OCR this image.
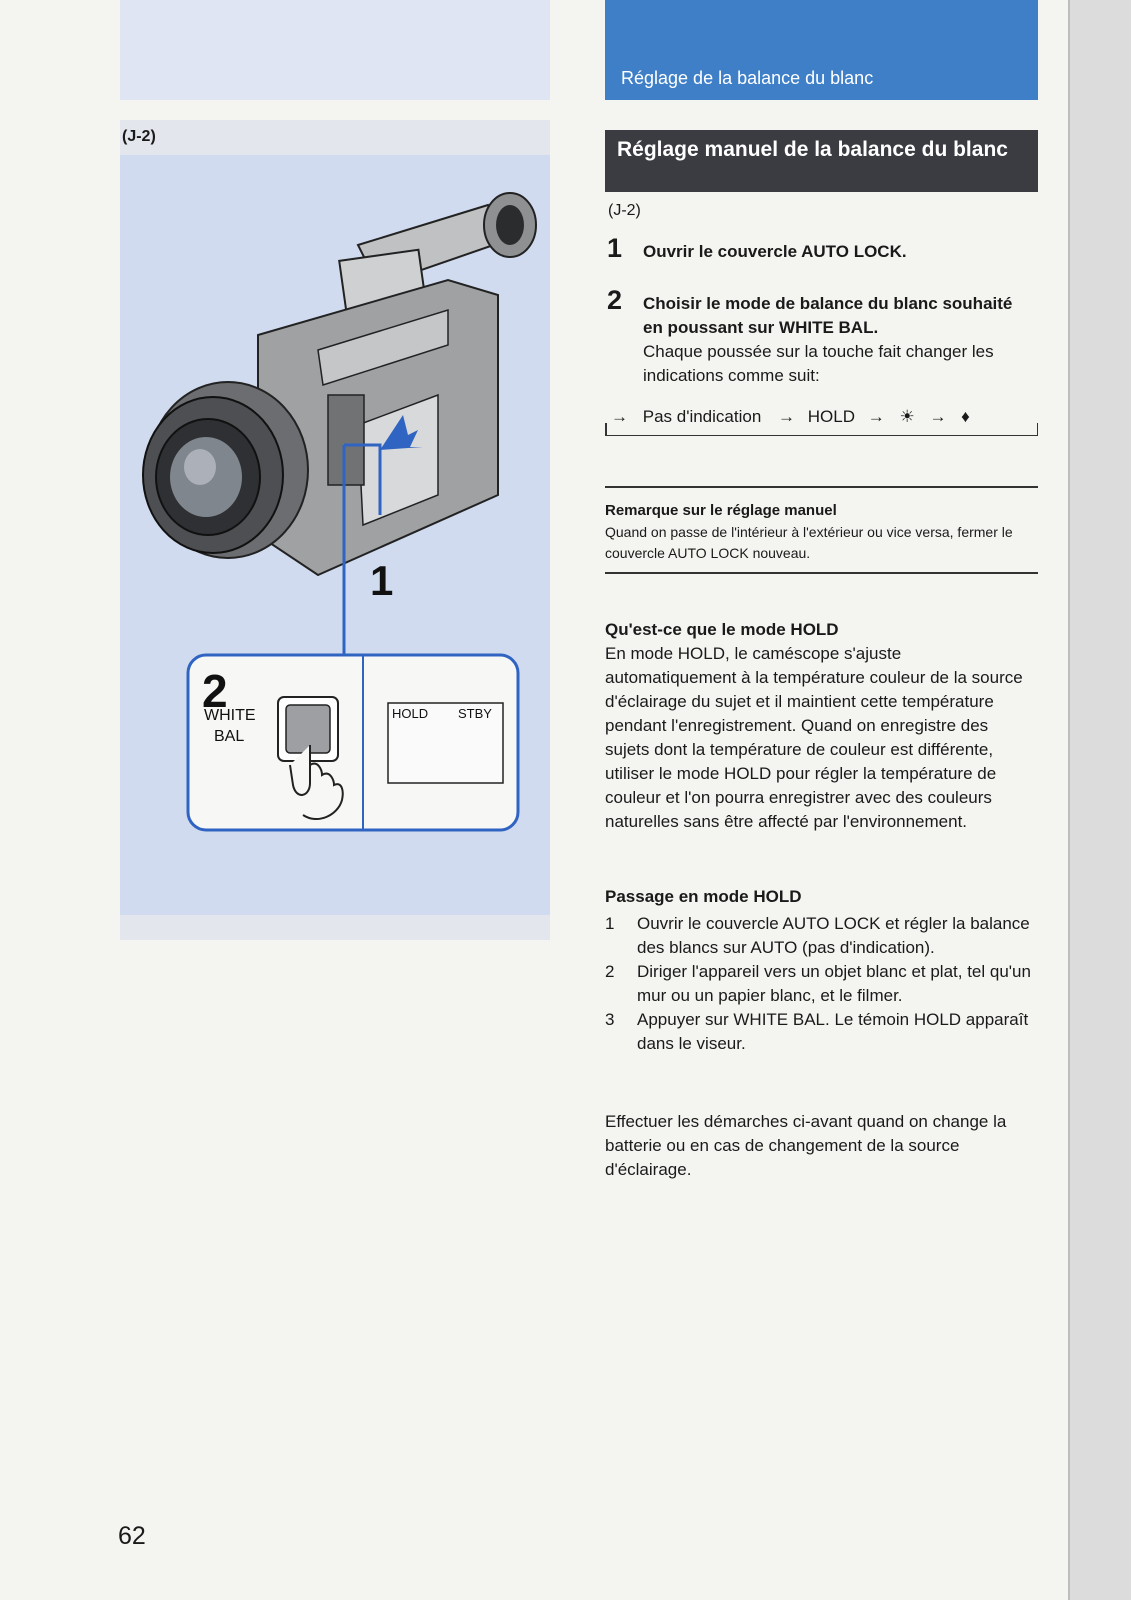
Réglage de la balance du blanc
Réglage manuel de la balance du blanc
(J-2)
(J-2)
1
2
WHITE
BAL
HOLD STBY
1 Ouvrir le couvercle AUTO LOCK.
2 Choisir le mode de balance du blanc souhaité en poussant sur WHITE BAL.
Chaque poussée sur la touche fait changer les indications comme suit:
→ Pas d'indication → HOLD → ☀ → ♦
Remarque sur le réglage manuel
Quand on passe de l'intérieur à l'extérieur ou vice versa, fermer le couvercle AUTO LOCK nouveau.
Qu'est-ce que le mode HOLD
En mode HOLD, le caméscope s'ajuste automatiquement à la température couleur de la source d'éclairage du sujet et il maintient cette température pendant l'enregistrement. Quand on enregistre des sujets dont la température de couleur est différente, utiliser le mode HOLD pour régler la température de couleur et l'on pourra enregistrer avec des couleurs naturelles sans être affecté par l'environnement.
Passage en mode HOLD

1 Ouvrir le couvercle AUTO LOCK et régler la balance des blancs sur AUTO (pas d'indication).

2 Diriger l'appareil vers un objet blanc et plat, tel qu'un mur ou un papier blanc, et le filmer.

3 Appuyer sur WHITE BAL. Le témoin HOLD apparaît dans le viseur.

Effectuer les démarches ci-avant quand on change la batterie ou en cas de changement de la source d'éclairage.
62
